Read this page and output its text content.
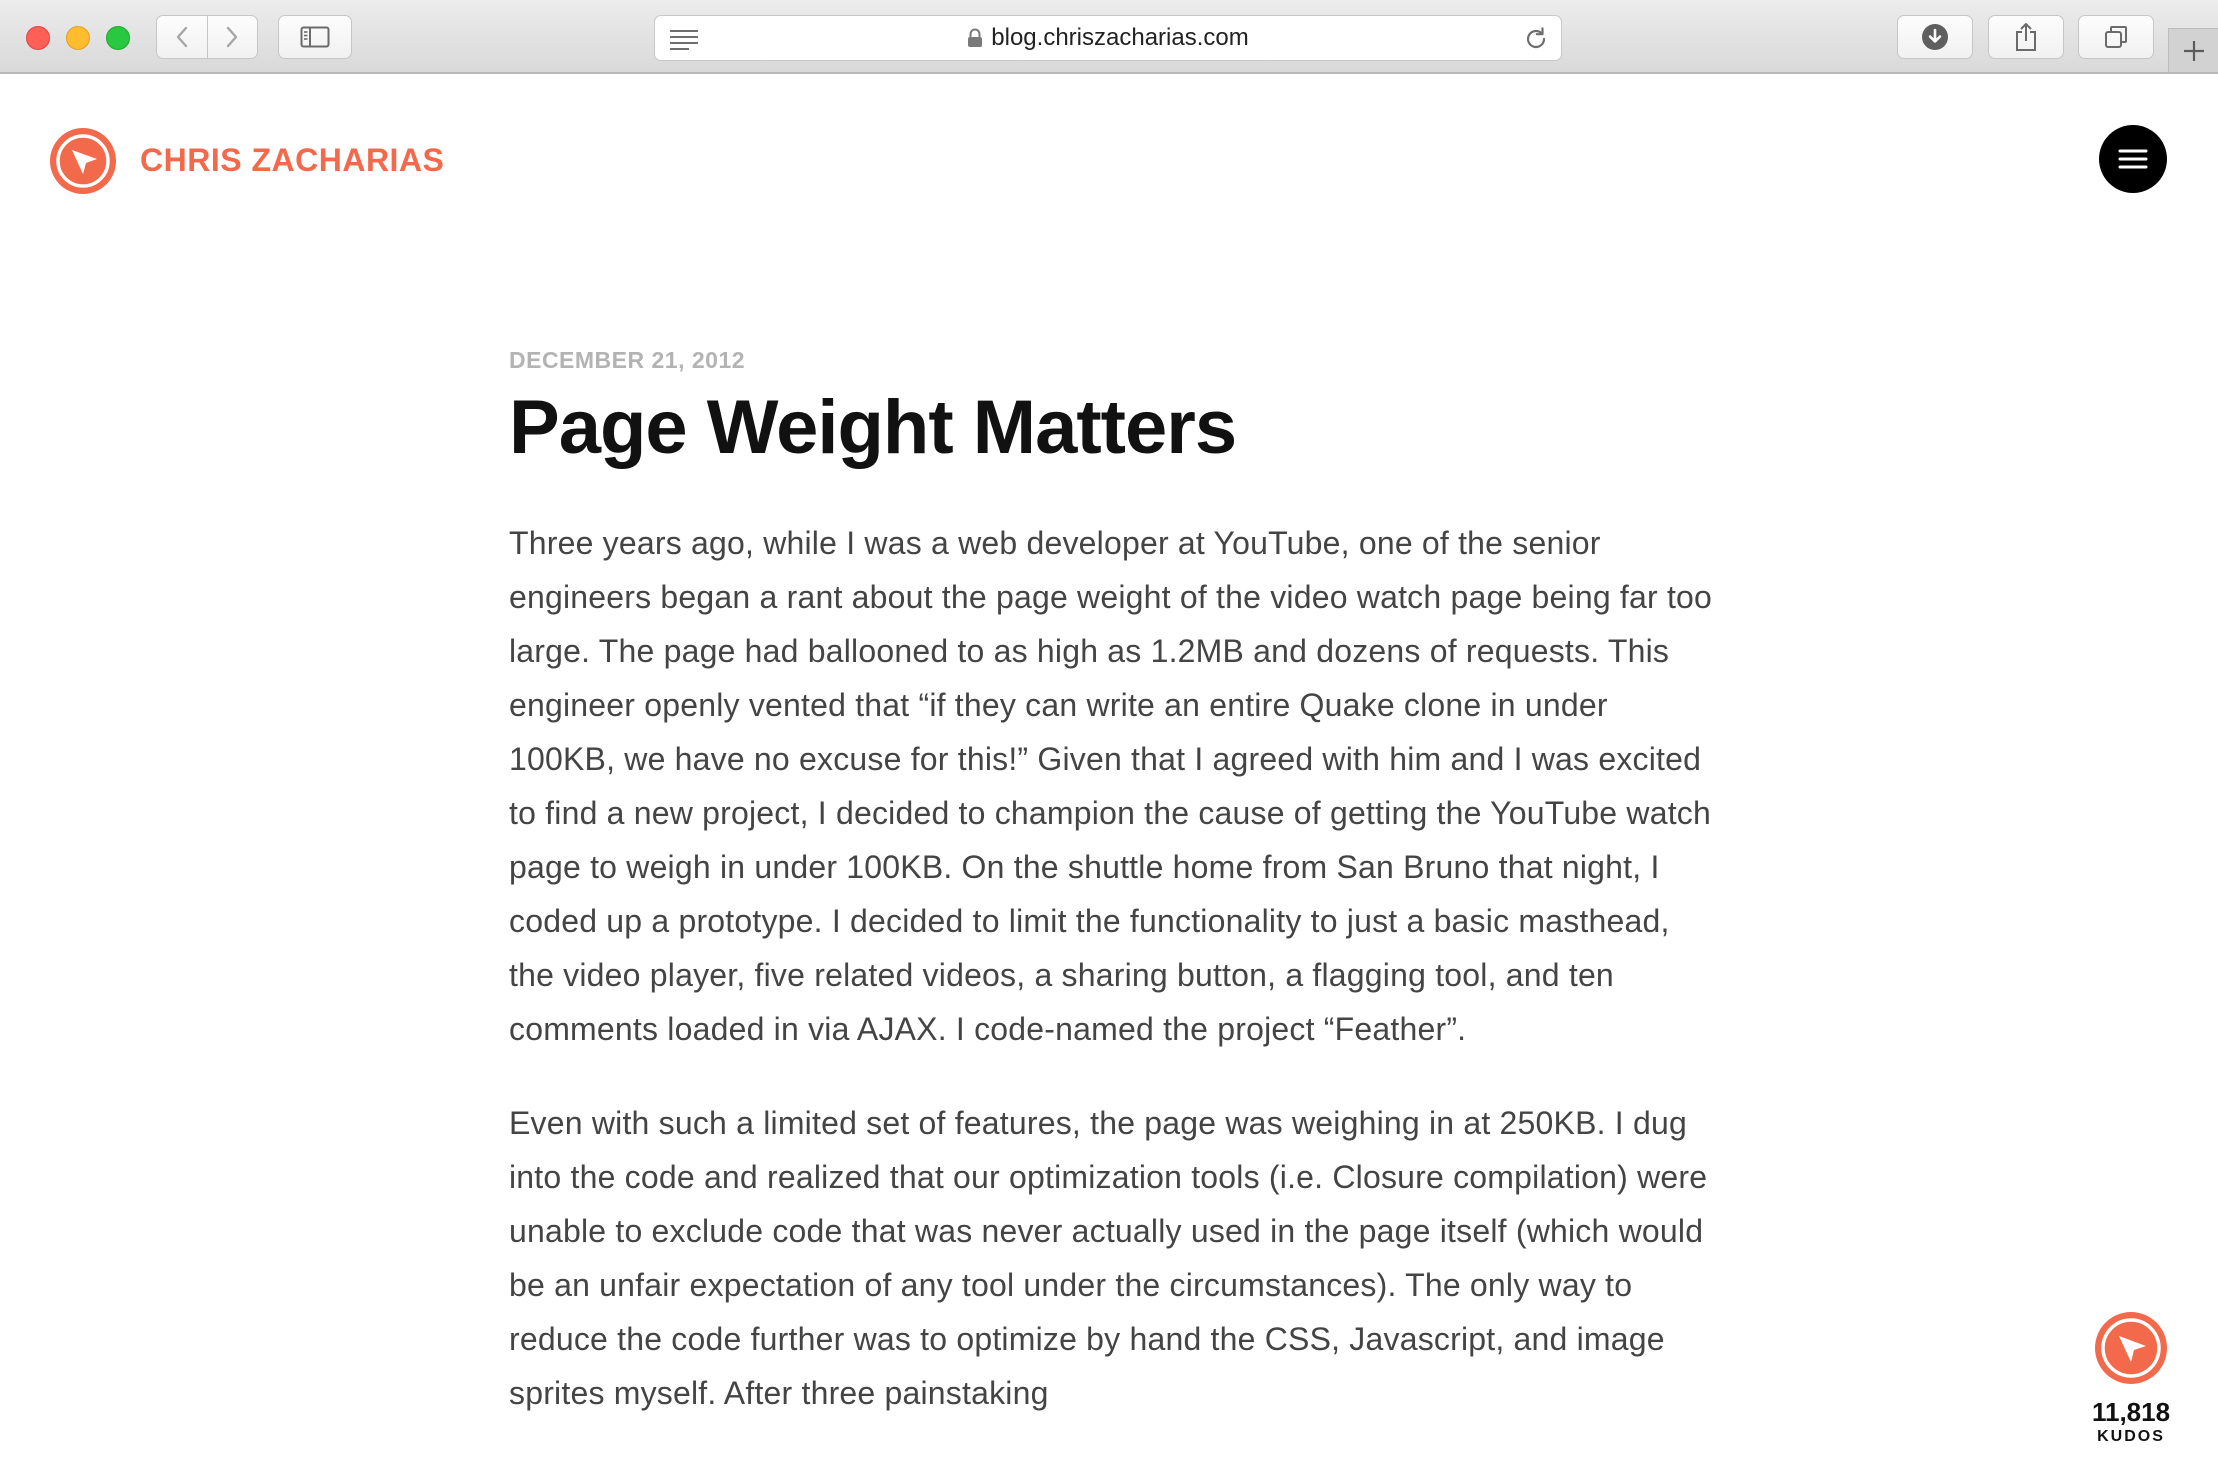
blog.chriszacharias.com
CHRIS ZACHARIAS

DECEMBER 21, 2012

Page Weight Matters

Three years ago, while I was a web developer at YouTube, one of the senior engineers began a rant about the page weight of the video watch page being far too large. The page had ballooned to as high as 1.2MB and dozens of requests. This engineer openly vented that “if they can write an entire Quake clone in under 100KB, we have no excuse for this!” Given that I agreed with him and I was excited to find a new project, I decided to champion the cause of getting the YouTube watch page to weigh in under 100KB. On the shuttle home from San Bruno that night, I coded up a prototype. I decided to limit the functionality to just a basic masthead, the video player, five related videos, a sharing button, a flagging tool, and ten comments loaded in via AJAX. I code-named the project “Feather”.

Even with such a limited set of features, the page was weighing in at 250KB. I dug into the code and realized that our optimization tools (i.e. Closure compilation) were unable to exclude code that was never actually used in the page itself (which would be an unfair expectation of any tool under the circumstances). The only way to reduce the code further was to optimize by hand the CSS, Javascript, and image sprites myself. After three painstaking

11,818
KUDOS
